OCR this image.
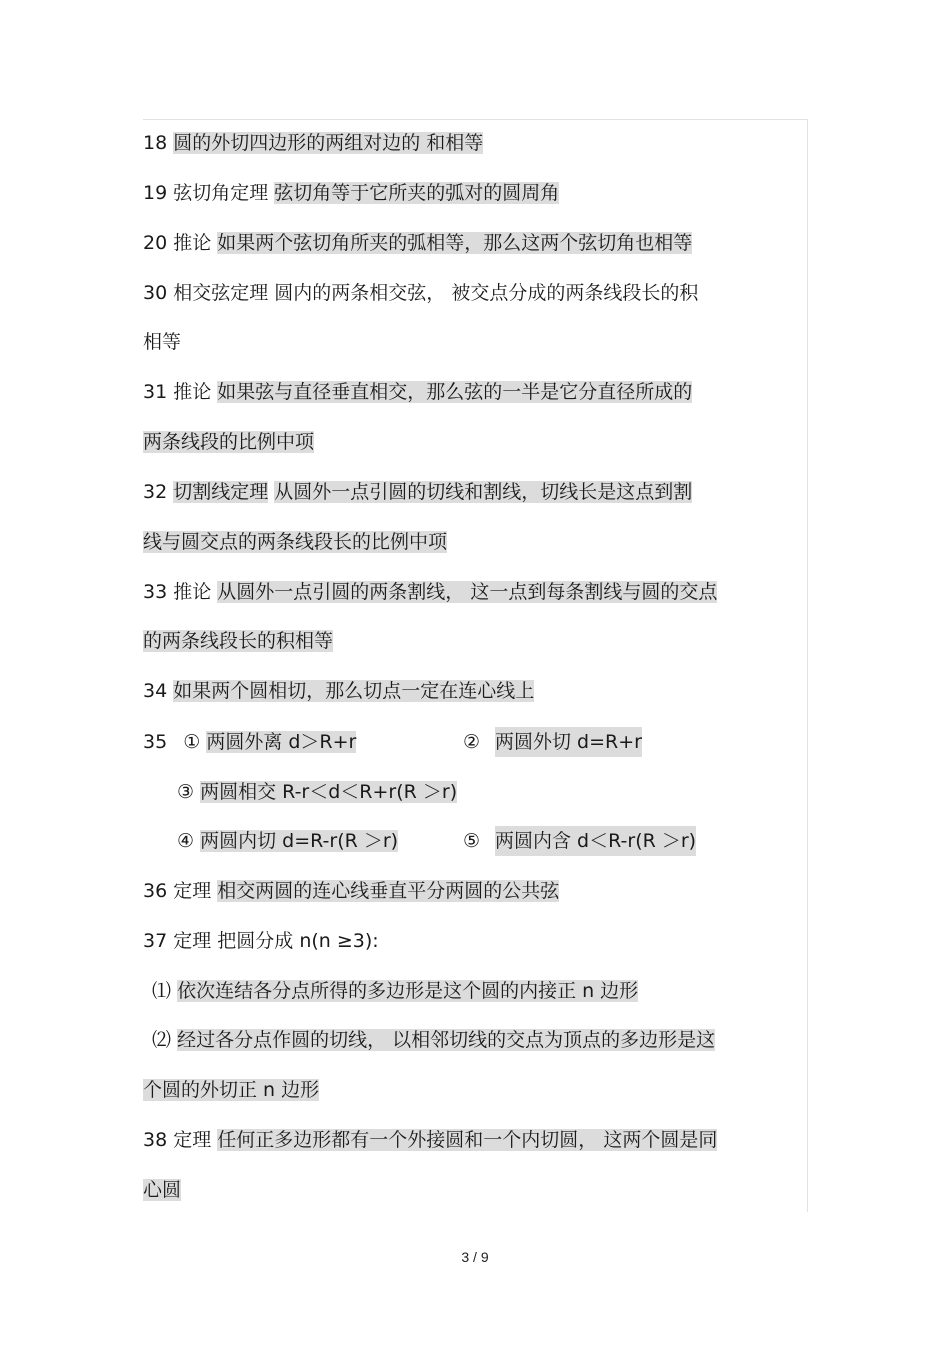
18 圆的外切四边形的两组对边的 和相等
19 弦切角定理 弦切角等于它所夹的弧对的圆周角
20 推论 如果两个弦切角所夹的弧相等，那么这两个弦切角也相等
30 相交弦定理 圆内的两条相交弦， 被交点分成的两条线段长的积
相等
31 推论 如果弦与直径垂直相交，那么弦的一半是它分直径所成的
两条线段的比例中项
32 切割线定理 从圆外一点引圆的切线和割线，切线长是这点到割
线与圆交点的两条线段长的比例中项
33 推论 从圆外一点引圆的两条割线， 这一点到每条割线与圆的交点
的两条线段长的积相等
34 如果两个圆相切，那么切点一定在连心线上
35 ① 两圆外离 d＞R+r	② 两圆外切 d=R+r
③ 两圆相交 R-r＜d＜R+r(R ＞r)
④ 两圆内切 d=R-r(R ＞r)	⑤ 两圆内含 d＜R-r(R ＞r)
36 定理 相交两圆的连心线垂直平分两圆的公共弦
37 定理 把圆分成 n(n ≥3):
⑴ 依次连结各分点所得的多边形是这个圆的内接正 n 边形
⑵ 经过各分点作圆的切线， 以相邻切线的交点为顶点的多边形是这
个圆的外切正 n 边形
38 定理 任何正多边形都有一个外接圆和一个内切圆， 这两个圆是同
心圆
3 / 9
